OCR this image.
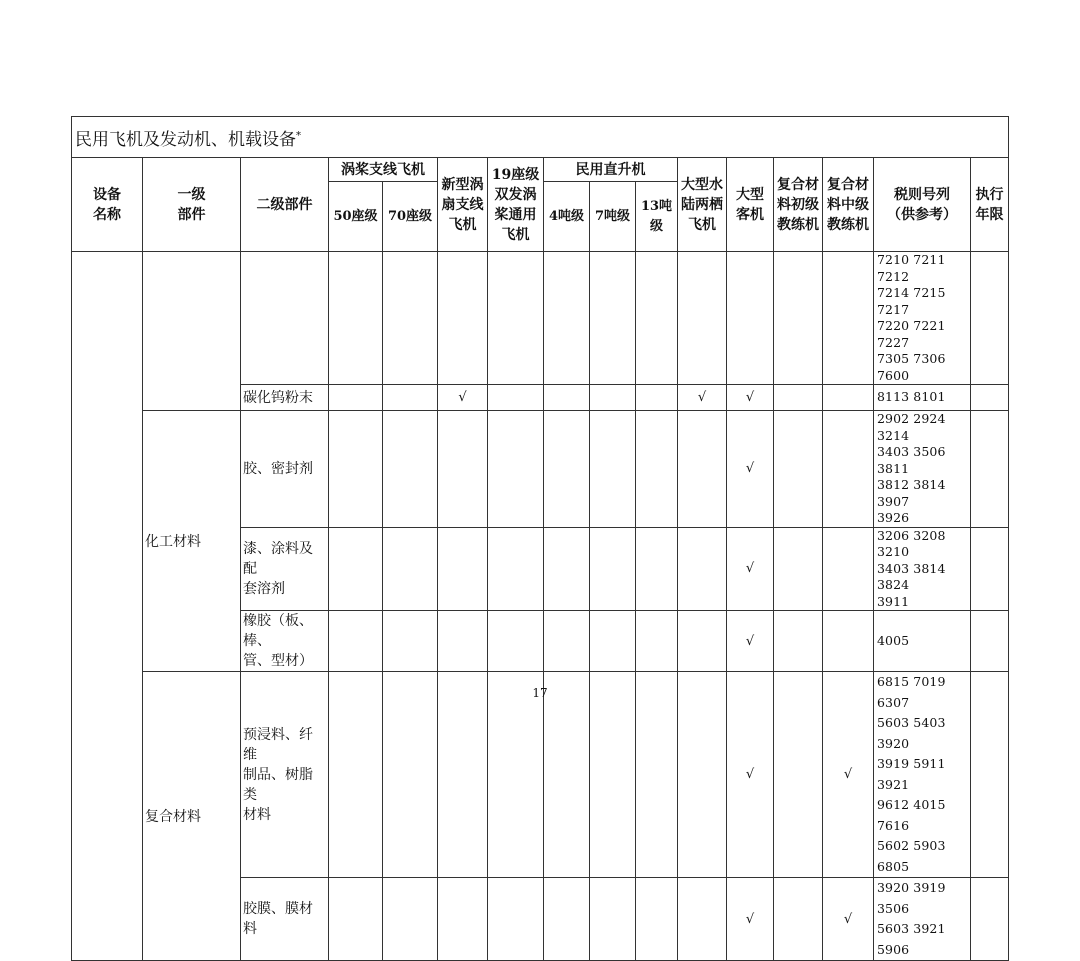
民用飞机及发动机、机载设备*

设备
名称	一级
部件	二级部件	涡桨支线飞机		新型涡
扇支线
飞机	19座级
双发涡
桨通用
飞机	民用直升机			大型水
陆两栖
飞机	大型
客机	复合材
料初级
教练机	复合材
料中级
教练机	税则号列
（供参考）	执行
年限

			50座级	70座级			4吨级	7吨级	13吨
级						

														7210 7211 7212
7214 7215 7217
7220 7221 7227
7305 7306 7600	

		碳化钨粉末			√					√	√			8113 8101	
	化工材料	胶、密封剂									√			2902 2924 3214
3403 3506 3811
3812 3814 3907
3926	

		漆、涂料及配
套溶剂									√			3206 3208 3210
3403 3814 3824
3911	

		橡胶（板、棒、
管、型材）									√			4005	
	复合材料	预浸料、纤维
制品、树脂类
材料									√		√	6815 7019 6307
5603 5403 3920
3919 5911 3921
9612 4015 7616
5602 5903 6805	

		胶膜、膜材料									√		√	3920 3919 3506
5603 3921 5906	

17
